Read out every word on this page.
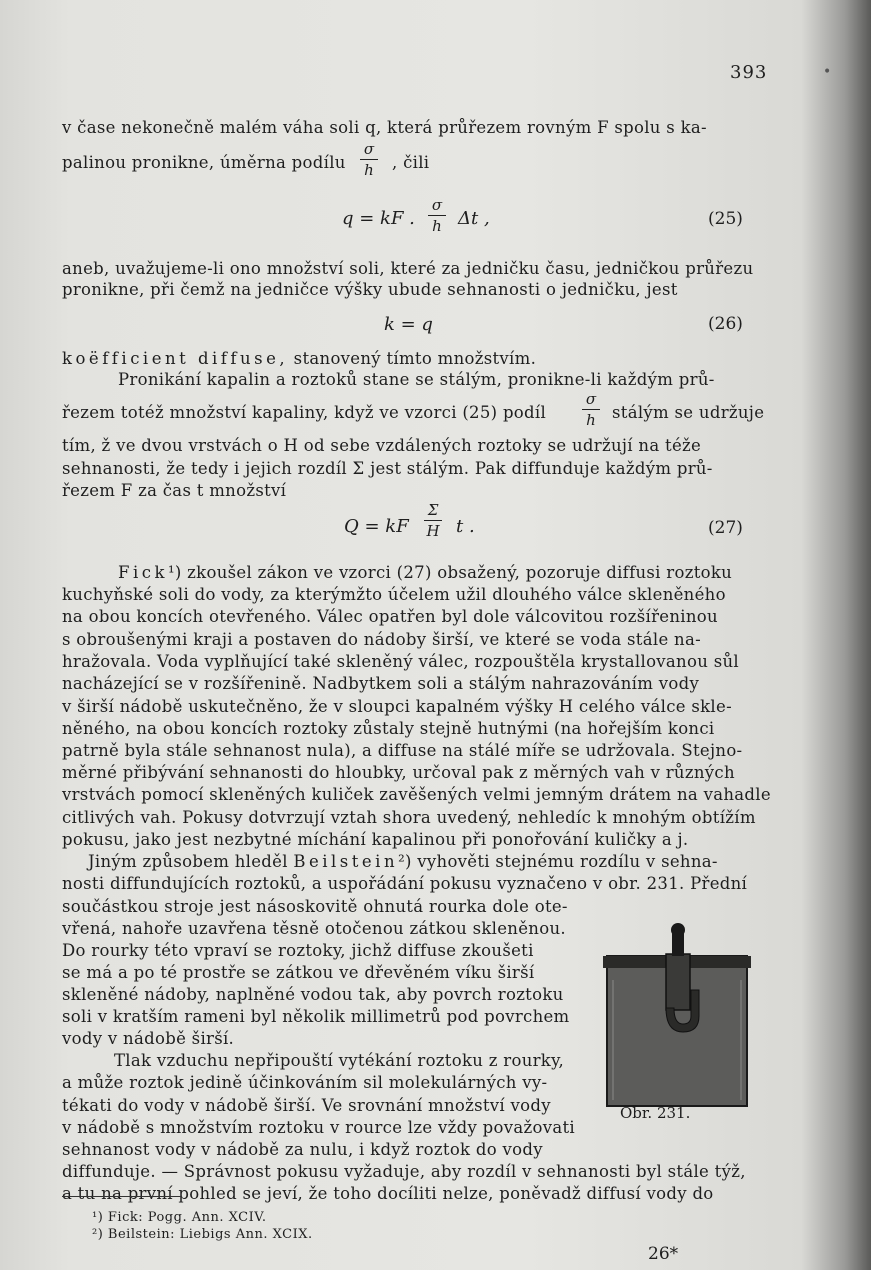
393	•
v čase nekonečně malém váha soli q, která průřezem rovným F spolu s ka-
palinou pronikne, úměrna podílu
σ
h , čili
q = kF .
σ
h Δt ,	(25)
aneb, uvažujeme-li ono množství soli, které za jedničku času, jedničkou průřezu
pronikne, při čemž na jedničce výšky ubude sehnanosti o jedničku, jest
k = q	(26)
koëfficient diffuse, stanovený tímto množstvím.
Pronikání kapalin a roztoků stane se stálým, pronikne-li každým prů-
řezem totéž množství kapaliny, když ve vzorci (25) podíl
σ
h stálým se udržuje
tím, ž ve dvou vrstvách o H od sebe vzdálených roztoky se udržují na téže
sehnanosti, že tedy i jejich rozdíl Σ jest stálým. Pak diffunduje každým prů-
řezem F za čas t množství
Q = kF
Σ
H t .	(27)
Fick¹) zkoušel zákon ve vzorci (27) obsažený, pozoruje diffusi roztoku
kuchyňské soli do vody, za kterýmžto účelem užil dlouhého válce skleněného
na obou koncích otevřeného. Válec opatřen byl dole válcovitou rozšířeninou
s obroušenými kraji a postaven do nádoby širší, ve které se voda stále na-
hražovala. Voda vyplňující také skleněný válec, rozpouštěla krystallovanou sůl
nacházející se v rozšířenině. Nadbytkem soli a stálým nahrazováním vody
v širší nádobě uskutečněno, že v sloupci kapalném výšky H celého válce skle-
něného, na obou koncích roztoky zůstaly stejně hutnými (na hořejším konci
patrně byla stále sehnanost nula), a diffuse na stálé míře se udržovala. Stejno-
měrné přibývání sehnanosti do hloubky, určoval pak z měrných vah v různých
vrstvách pomocí skleněných kuliček zavěšených velmi jemným drátem na vahadle
citlivých vah. Pokusy dotvrzují vztah shora uvedený, nehledíc k mnohým obtížím
pokusu, jako jest nezbytné míchání kapalinou při ponořování kuličky a j.
Jiným způsobem hleděl Beilstein²) vyhověti stejnému rozdílu v sehna-
nosti diffundujících roztoků, a uspořádání pokusu vyznačeno v obr. 231. Přední
součástkou stroje jest násoskovitě ohnutá rourka dole ote-
vřená, nahoře uzavřena těsně otočenou zátkou skleněnou.
Do rourky této vpraví se roztoky, jichž diffuse zkoušeti
se má a po té prostře se zátkou ve dřevěném víku širší
skleněné nádoby, naplněné vodou tak, aby povrch roztoku
soli v kratším rameni byl několik millimetrů pod povrchem
vody v nádobě širší.
Tlak vzduchu nepřipouští vytékání roztoku z rourky,
a může roztok jedině účinkováním sil molekulárných vy-
tékati do vody v nádobě širší. Ve srovnání množství vody
v nádobě s množstvím roztoku v rource lze vždy považovati
sehnanost vody v nádobě za nulu, i když roztok do vody
diffunduje. — Správnost pokusu vyžaduje, aby rozdíl v sehnanosti byl stále týž,
a tu na první pohled se jeví, že toho docíliti nelze, poněvadž diffusí vody do
Obr. 231.
¹) Fick: Pogg. Ann. XCIV.
²) Beilstein: Liebigs Ann. XCIX.
26*
